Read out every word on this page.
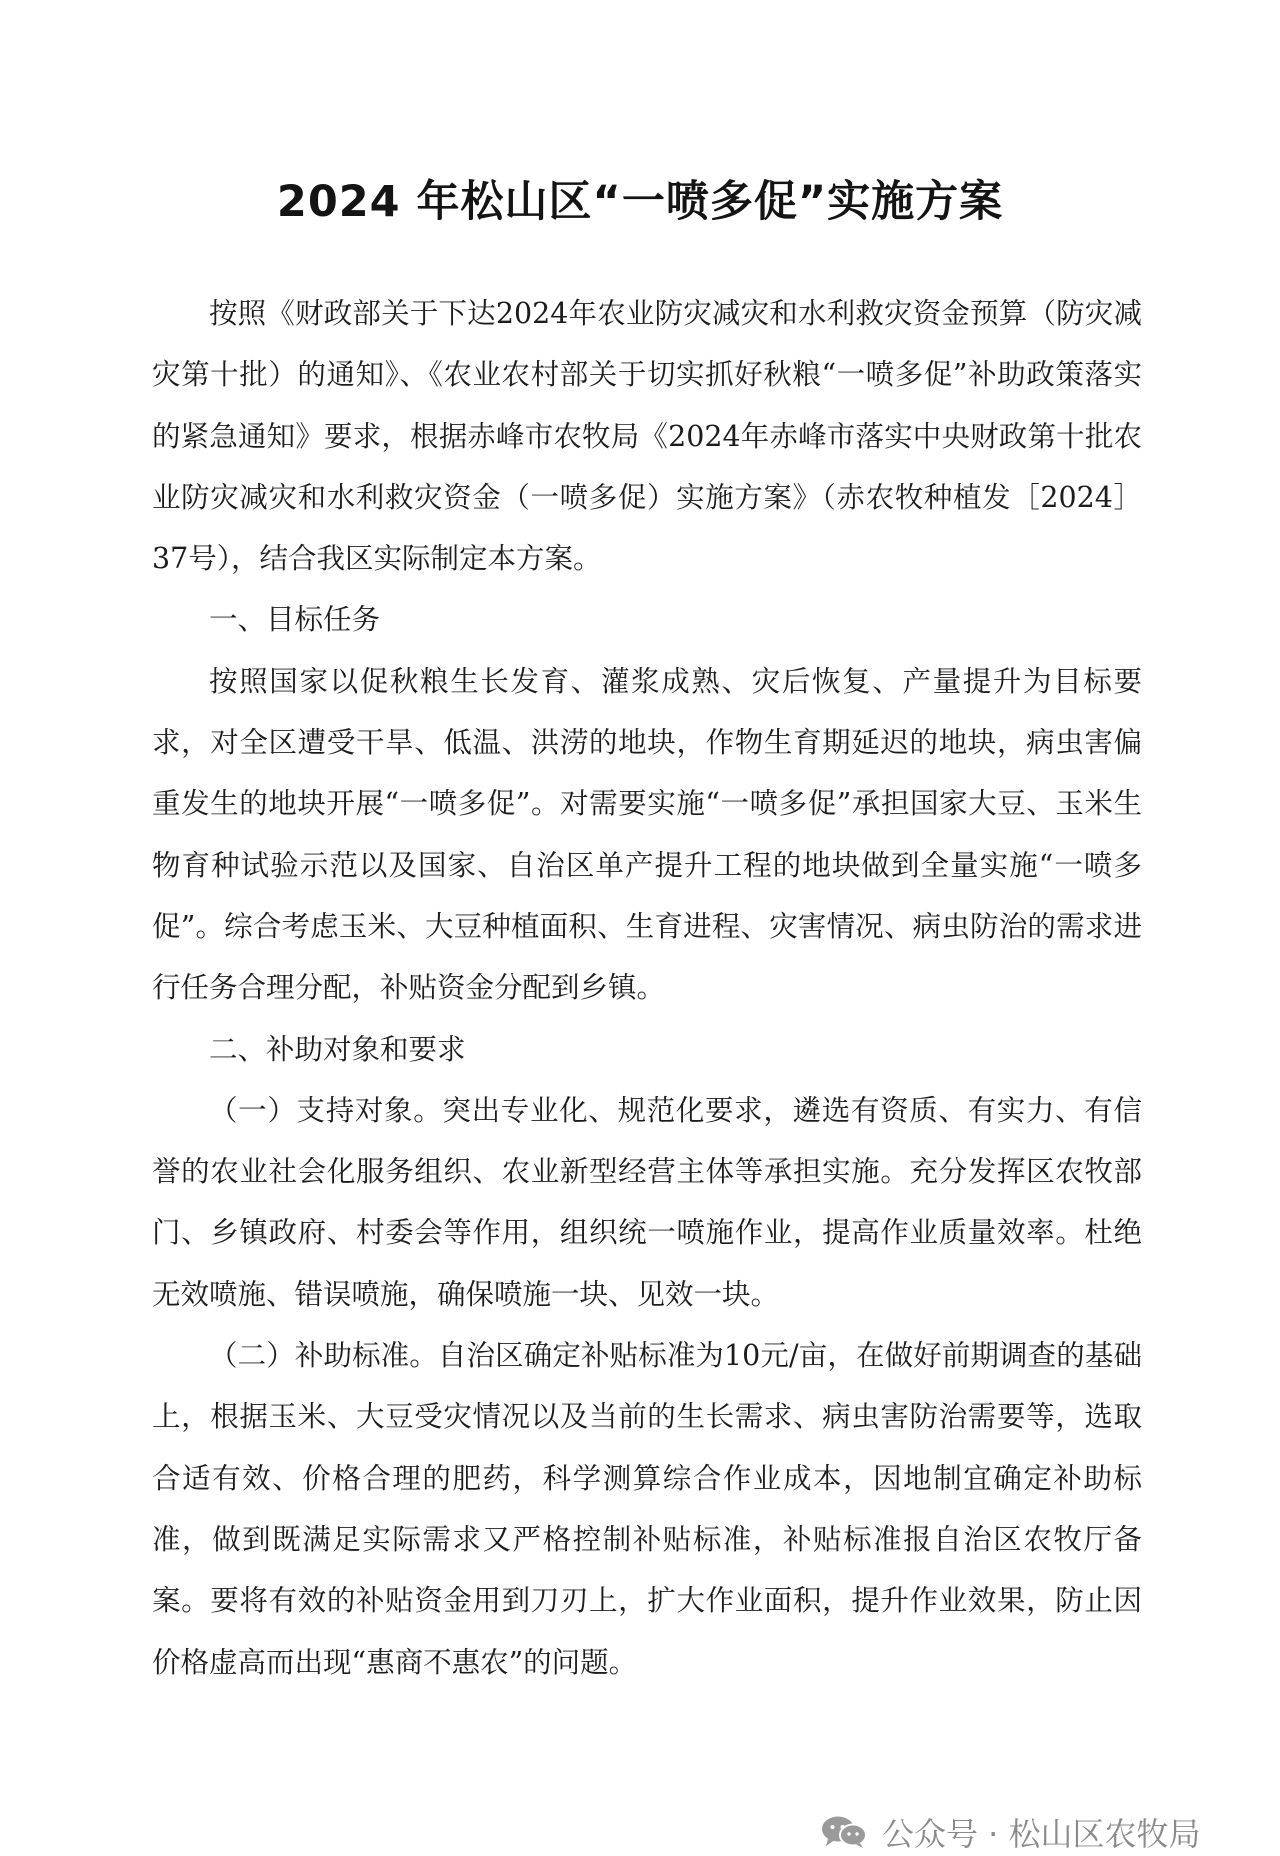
2024 年松山区“一喷多促”实施方案

按照《财政部关于下达2024年农业防灾减灾和水利救灾资金预算（防灾减灾第十批）的通知》、《农业农村部关于切实抓好秋粮“一喷多促”补助政策落实的紧急通知》要求，根据赤峰市农牧局《2024年赤峰市落实中央财政第十批农业防灾减灾和水利救灾资金（一喷多促）实施方案》（赤农牧种植发［2024］37号），结合我区实际制定本方案。

一、目标任务

按照国家以促秋粮生长发育、灌浆成熟、灾后恢复、产量提升为目标要求，对全区遭受干旱、低温、洪涝的地块，作物生育期延迟的地块，病虫害偏重发生的地块开展“一喷多促”。对需要实施“一喷多促”承担国家大豆、玉米生物育种试验示范以及国家、自治区单产提升工程的地块做到全量实施“一喷多促”。综合考虑玉米、大豆种植面积、生育进程、灾害情况、病虫防治的需求进行任务合理分配，补贴资金分配到乡镇。

二、补助对象和要求

（一）支持对象。突出专业化、规范化要求，遴选有资质、有实力、有信誉的农业社会化服务组织、农业新型经营主体等承担实施。充分发挥区农牧部门、乡镇政府、村委会等作用，组织统一喷施作业，提高作业质量效率。杜绝无效喷施、错误喷施，确保喷施一块、见效一块。

（二）补助标准。自治区确定补贴标准为10元/亩，在做好前期调查的基础上，根据玉米、大豆受灾情况以及当前的生长需求、病虫害防治需要等，选取合适有效、价格合理的肥药，科学测算综合作业成本，因地制宜确定补助标准，做到既满足实际需求又严格控制补贴标准，补贴标准报自治区农牧厅备案。要将有效的补贴资金用到刀刃上，扩大作业面积，提升作业效果，防止因价格虚高而出现“惠商不惠农”的问题。

公众号 · 松山区农牧局
